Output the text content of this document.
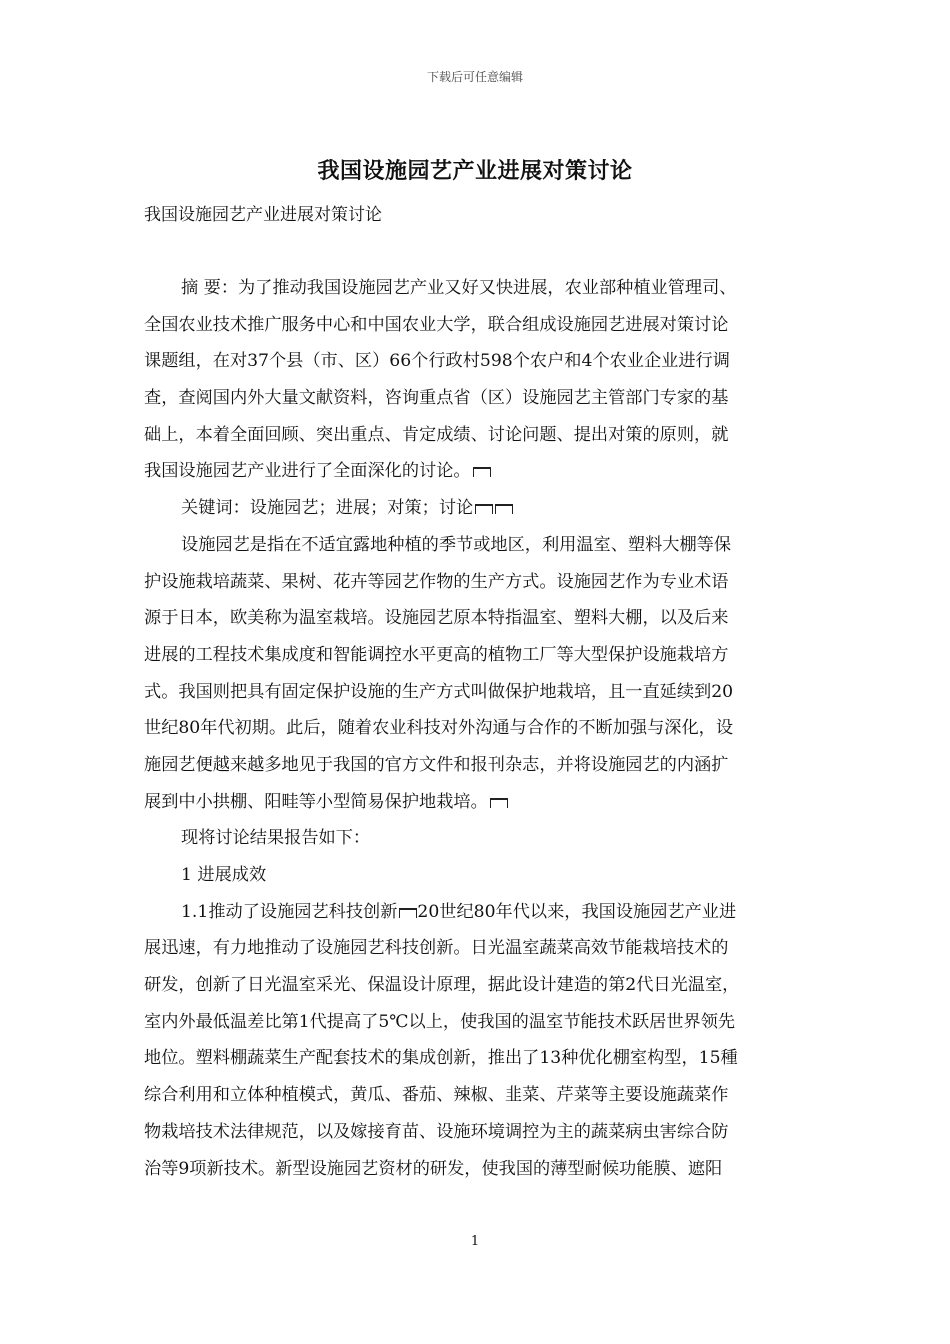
下载后可任意编辑
我国设施园艺产业进展对策讨论
我国设施园艺产业进展对策讨论
摘 要：为了推动我国设施园艺产业又好又快进展，农业部种植业管理司、
全国农业技术推广服务中心和中国农业大学，联合组成设施园艺进展对策讨论
课题组，在对37个县（市、区）66个行政村598个农户和4个农业企业进行调
查，查阅国内外大量文献资料，咨询重点省（区）设施园艺主管部门专家的基
础上，本着全面回顾、突出重点、肯定成绩、讨论问题、提出对策的原则，就
我国设施园艺产业进行了全面深化的讨论。
关键词：设施园艺；进展；对策；讨论
设施园艺是指在不适宜露地种植的季节或地区，利用温室、塑料大棚等保
护设施栽培蔬菜、果树、花卉等园艺作物的生产方式。设施园艺作为专业术语
源于日本，欧美称为温室栽培。设施园艺原本特指温室、塑料大棚，以及后来
进展的工程技术集成度和智能调控水平更高的植物工厂等大型保护设施栽培方
式。我国则把具有固定保护设施的生产方式叫做保护地栽培，且一直延续到20
世纪80年代初期。此后，随着农业科技对外沟通与合作的不断加强与深化，设
施园艺便越来越多地见于我国的官方文件和报刊杂志，并将设施园艺的内涵扩
展到中小拱棚、阳畦等小型简易保护地栽培。
现将讨论结果报告如下：
1 进展成效
1.1推动了设施园艺科技创新 20世纪80年代以来，我国设施园艺产业进
展迅速，有力地推动了设施园艺科技创新。日光温室蔬菜高效节能栽培技术的
研发，创新了日光温室采光、保温设计原理，据此设计建造的第2代日光温室，
室内外最低温差比第1代提高了5℃以上，使我国的温室节能技术跃居世界领先
地位。塑料棚蔬菜生产配套技术的集成创新，推出了13种优化棚室构型，15種
综合利用和立体种植模式，黄瓜、番茄、辣椒、韭菜、芹菜等主要设施蔬菜作
物栽培技术法律规范，以及嫁接育苗、设施环境调控为主的蔬菜病虫害综合防
治等9项新技术。新型设施园艺资材的研发，使我国的薄型耐候功能膜、遮阳
1
